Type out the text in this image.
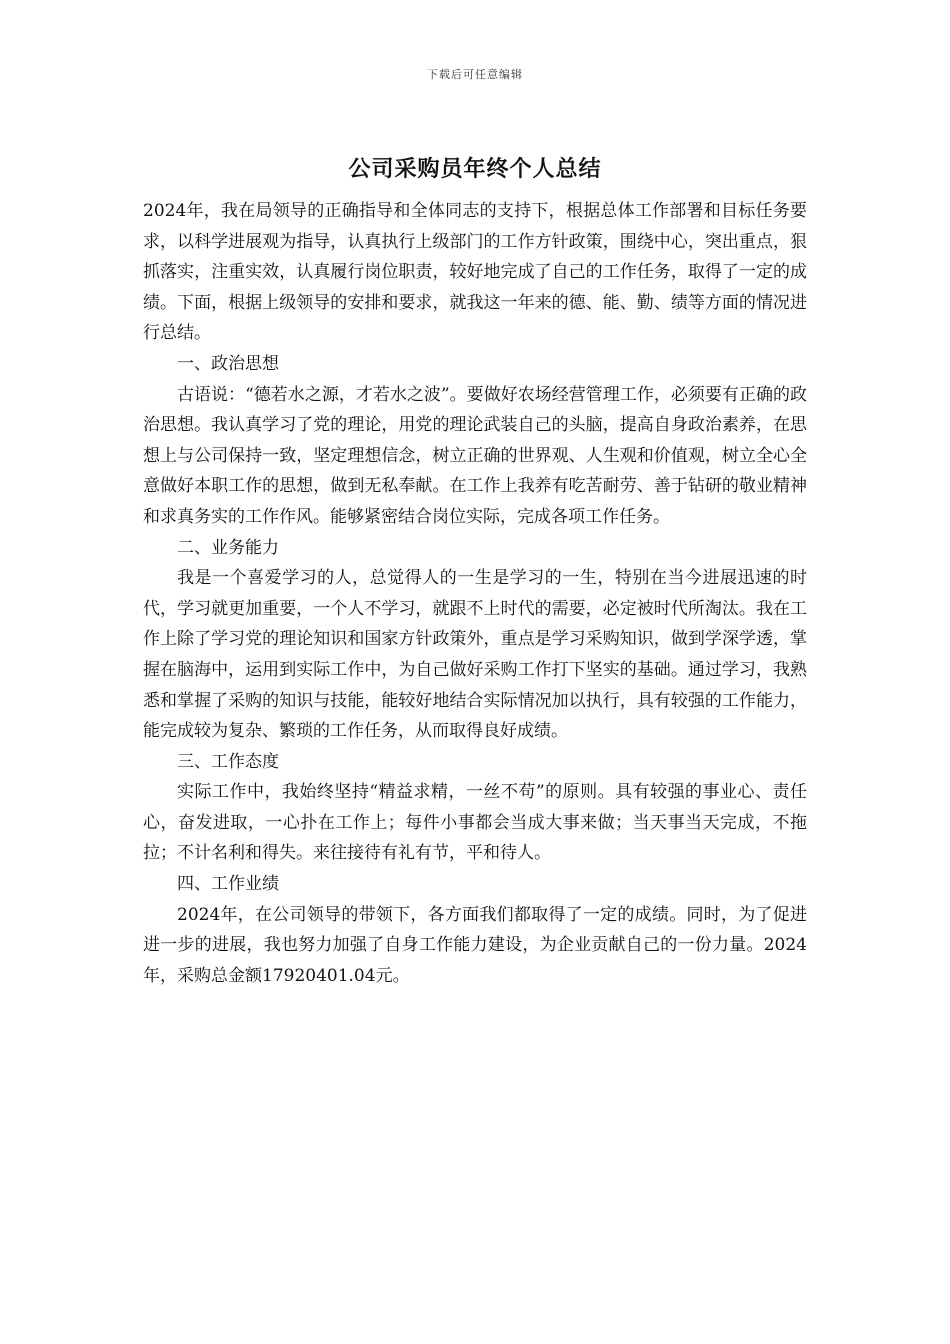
下载后可任意编辑
公司采购员年终个人总结

2024年，我在局领导的正确指导和全体同志的支持下，根据总体工作部署和目标任务要求，以科学进展观为指导，认真执行上级部门的工作方针政策，围绕中心，突出重点，狠抓落实，注重实效，认真履行岗位职责，较好地完成了自己的工作任务，取得了一定的成绩。下面，根据上级领导的安排和要求，就我这一年来的德、能、勤、绩等方面的情况进行总结。

一、政治思想

古语说：“德若水之源，才若水之波”。要做好农场经营管理工作，必须要有正确的政治思想。我认真学习了党的理论，用党的理论武装自己的头脑，提高自身政治素养，在思想上与公司保持一致，坚定理想信念，树立正确的世界观、人生观和价值观，树立全心全意做好本职工作的思想，做到无私奉献。在工作上我养有吃苦耐劳、善于钻研的敬业精神和求真务实的工作作风。能够紧密结合岗位实际，完成各项工作任务。

二、业务能力

我是一个喜爱学习的人，总觉得人的一生是学习的一生，特别在当今进展迅速的时代，学习就更加重要，一个人不学习，就跟不上时代的需要，必定被时代所淘汰。我在工作上除了学习党的理论知识和国家方针政策外，重点是学习采购知识，做到学深学透，掌握在脑海中，运用到实际工作中，为自己做好采购工作打下坚实的基础。通过学习，我熟悉和掌握了采购的知识与技能，能较好地结合实际情况加以执行，具有较强的工作能力，能完成较为复杂、繁琐的工作任务，从而取得良好成绩。

三、工作态度

实际工作中，我始终坚持“精益求精，一丝不苟”的原则。具有较强的事业心、责任心，奋发进取，一心扑在工作上；每件小事都会当成大事来做；当天事当天完成，不拖拉；不计名利和得失。来往接待有礼有节，平和待人。

四、工作业绩

2024年，在公司领导的带领下，各方面我们都取得了一定的成绩。同时，为了促进进一步的进展，我也努力加强了自身工作能力建设，为企业贡献自己的一份力量。2024年，采购总金额17920401.04元。
